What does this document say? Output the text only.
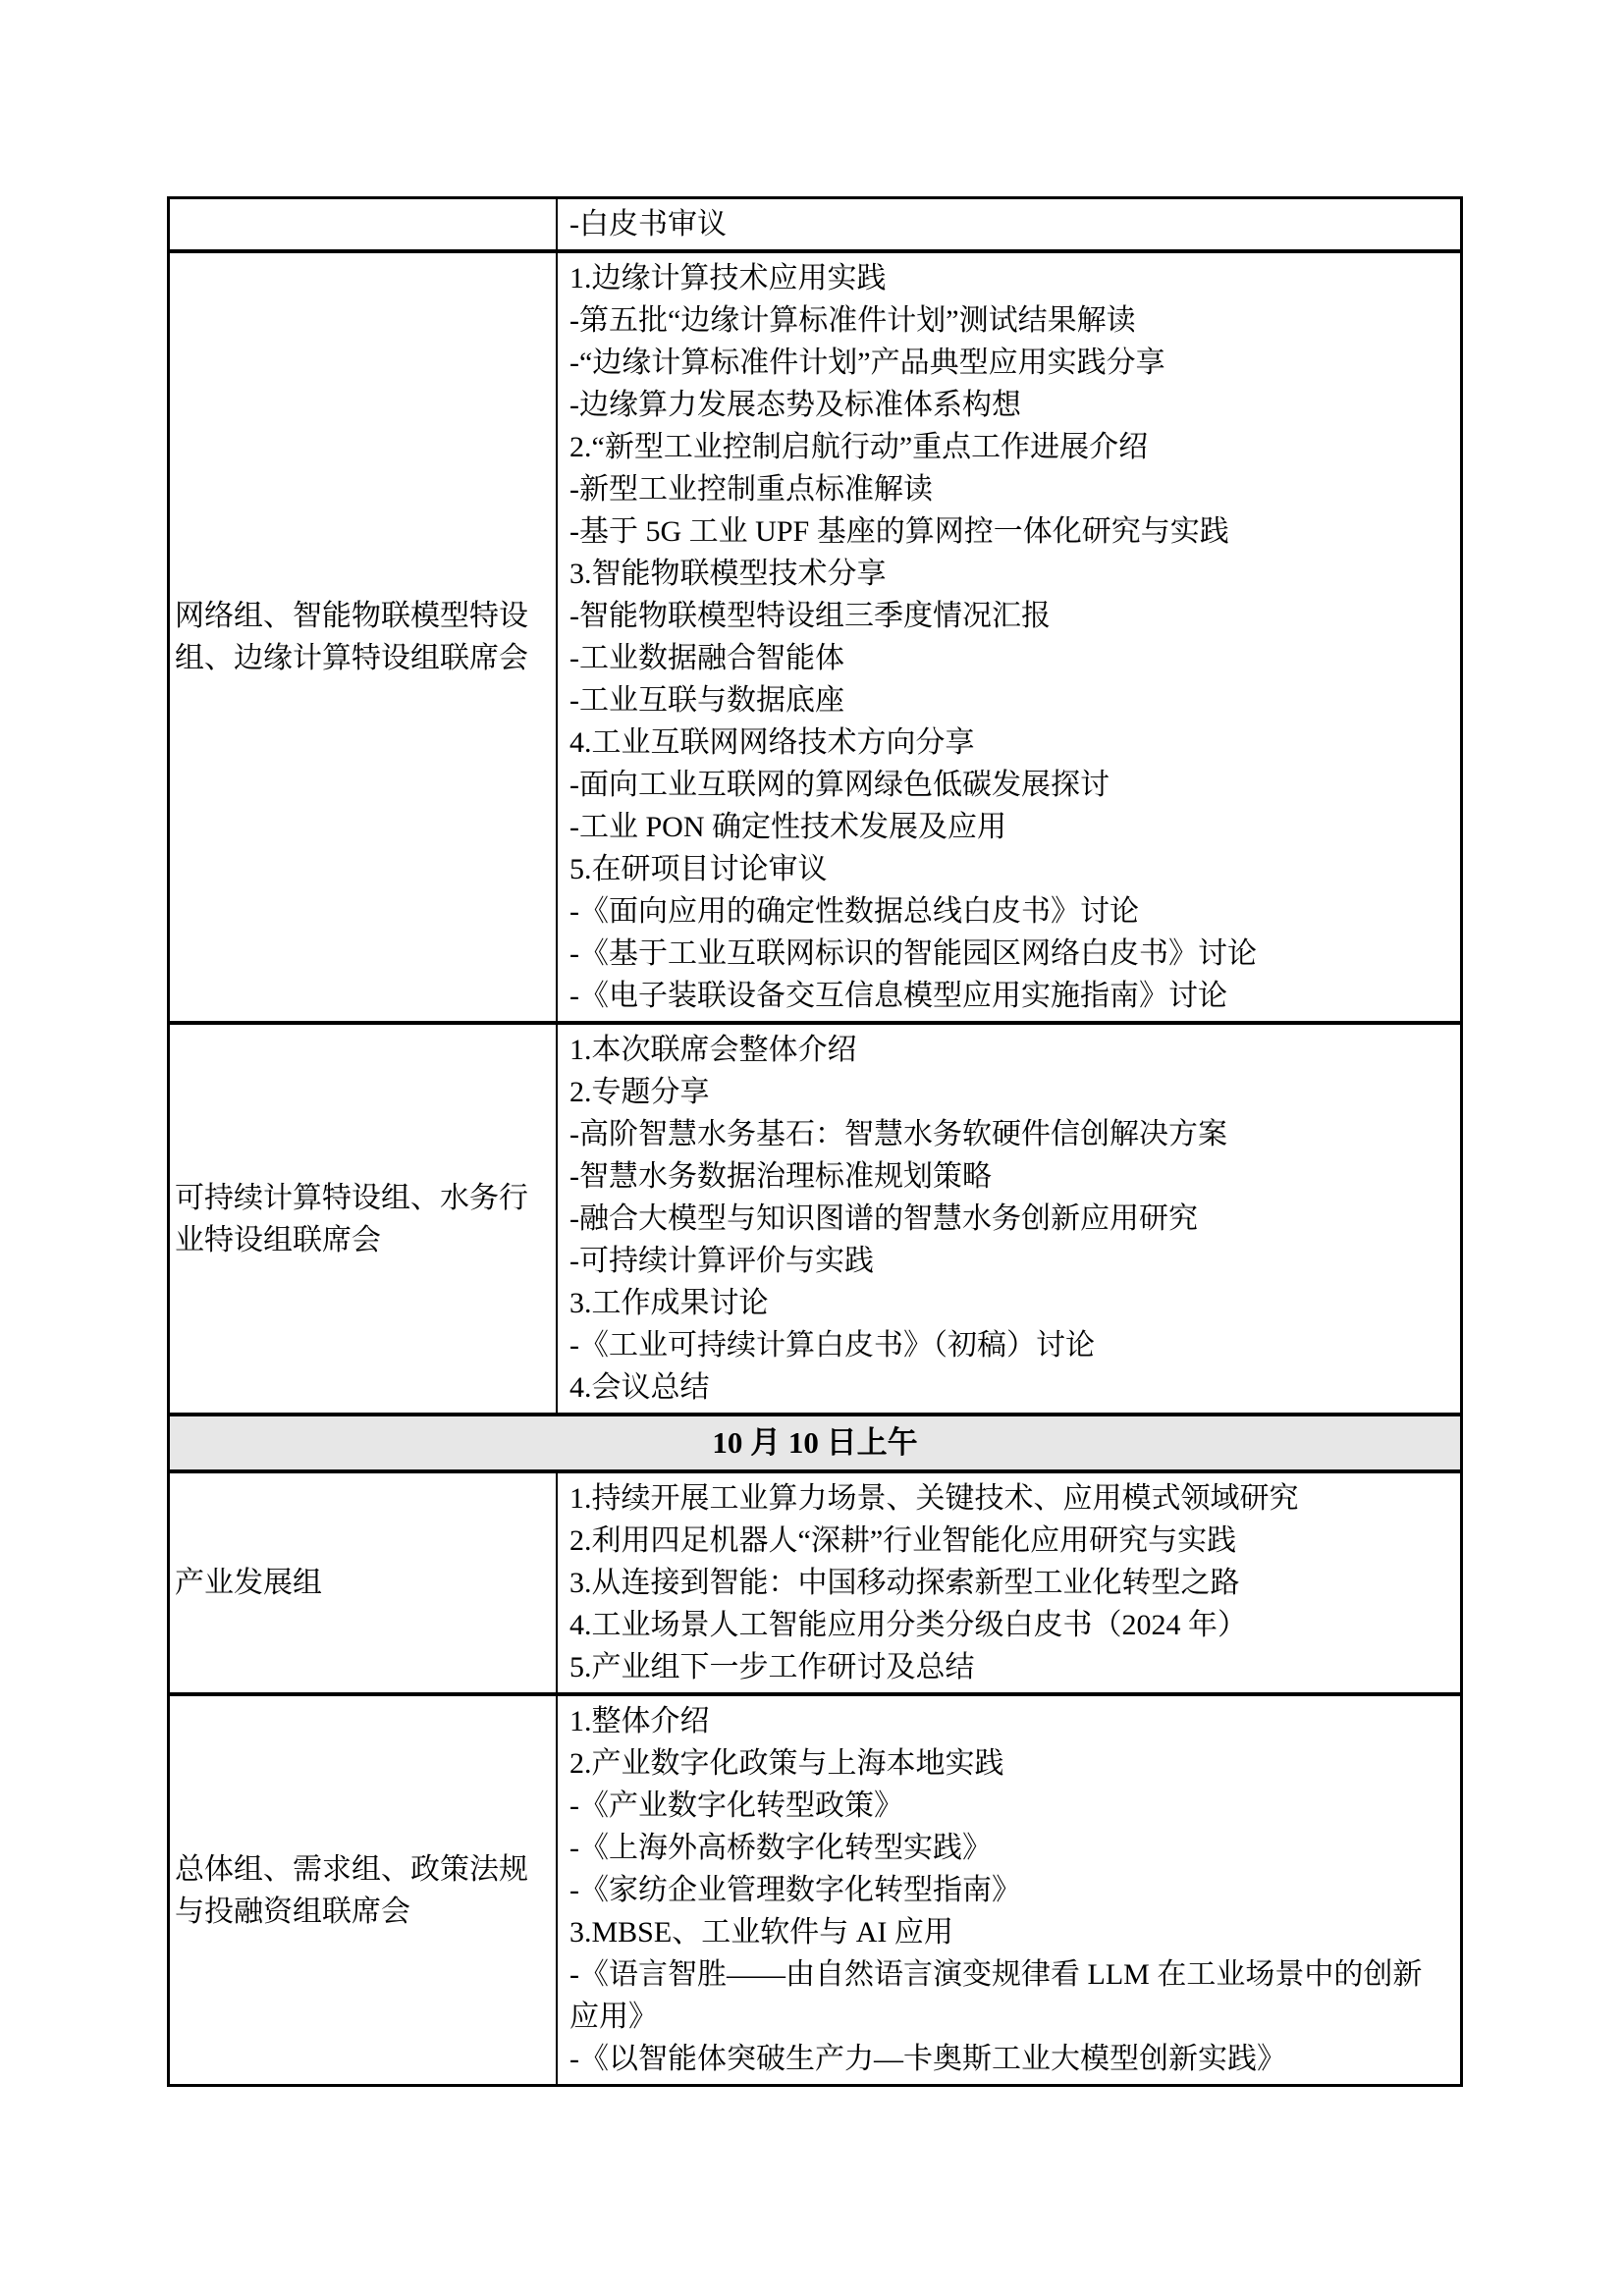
-白皮书审议
网络组、智能物联模型特设组、边缘计算特设组联席会
1.边缘计算技术应用实践
-第五批“边缘计算标准件计划”测试结果解读
-“边缘计算标准件计划”产品典型应用实践分享
-边缘算力发展态势及标准体系构想
2.“新型工业控制启航行动”重点工作进展介绍
-新型工业控制重点标准解读
-基于 5G 工业 UPF 基座的算网控一体化研究与实践
3.智能物联模型技术分享
-智能物联模型特设组三季度情况汇报
-工业数据融合智能体
-工业互联与数据底座
4.工业互联网网络技术方向分享
-面向工业互联网的算网绿色低碳发展探讨
-工业 PON 确定性技术发展及应用
5.在研项目讨论审议
-《面向应用的确定性数据总线白皮书》讨论
-《基于工业互联网标识的智能园区网络白皮书》讨论
-《电子装联设备交互信息模型应用实施指南》讨论
可持续计算特设组、水务行业特设组联席会
1.本次联席会整体介绍
2.专题分享
-高阶智慧水务基石：智慧水务软硬件信创解决方案
-智慧水务数据治理标准规划策略
-融合大模型与知识图谱的智慧水务创新应用研究
-可持续计算评价与实践
3.工作成果讨论
-《工业可持续计算白皮书》（初稿）讨论
4.会议总结
10 月 10 日上午
产业发展组
1.持续开展工业算力场景、关键技术、应用模式领域研究
2.利用四足机器人“深耕”行业智能化应用研究与实践
3.从连接到智能：中国移动探索新型工业化转型之路
4.工业场景人工智能应用分类分级白皮书（2024 年）
5.产业组下一步工作研讨及总结
总体组、需求组、政策法规与投融资组联席会
1.整体介绍
2.产业数字化政策与上海本地实践
-《产业数字化转型政策》
-《上海外高桥数字化转型实践》
-《家纺企业管理数字化转型指南》
3.MBSE、工业软件与 AI 应用
-《语言智胜——由自然语言演变规律看 LLM 在工业场景中的创新应用》
-《以智能体突破生产力—卡奥斯工业大模型创新实践》
